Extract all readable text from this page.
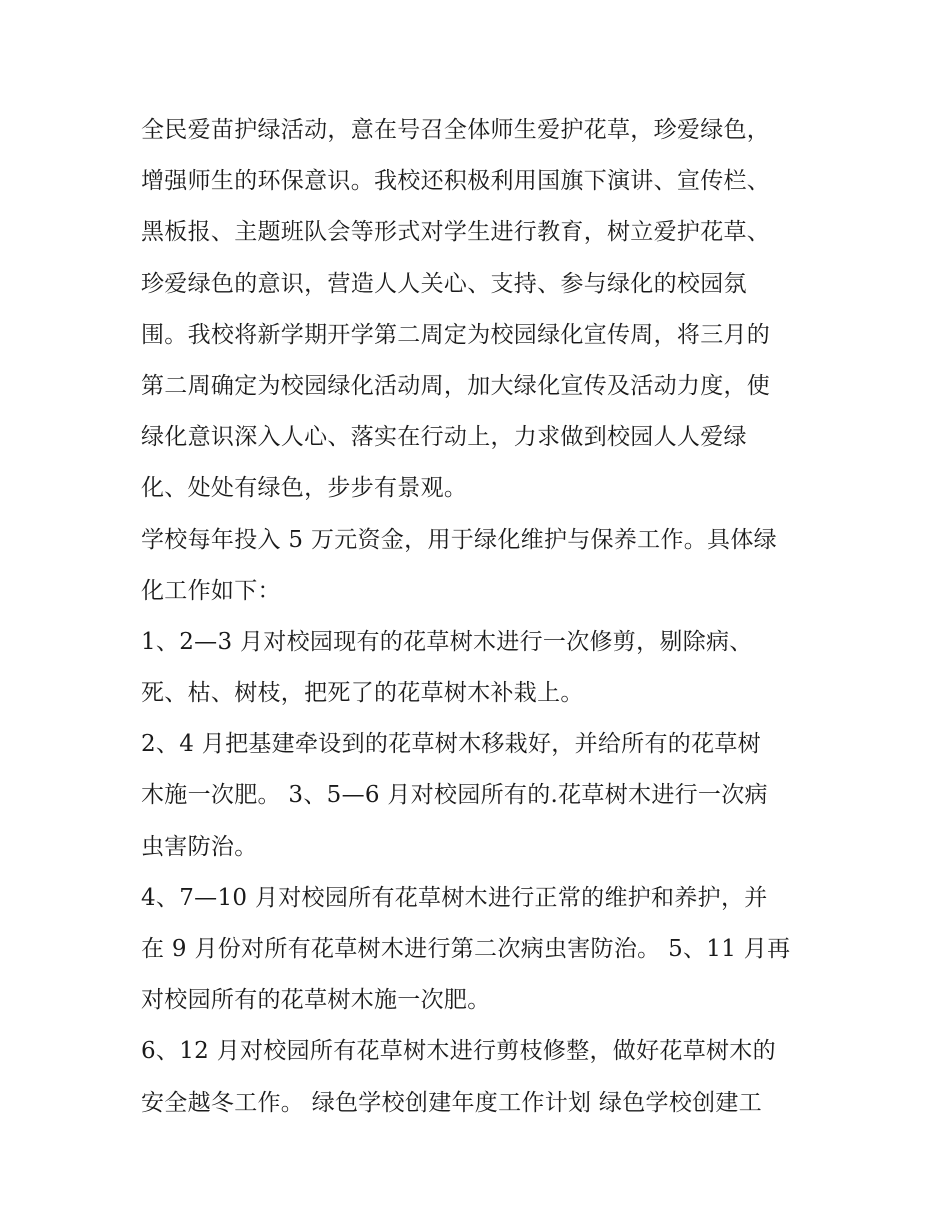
全民爱苗护绿活动，意在号召全体师生爱护花草，珍爱绿色，
增强师生的环保意识。我校还积极利用国旗下演讲、宣传栏、
黑板报、主题班队会等形式对学生进行教育，树立爱护花草、
珍爱绿色的意识，营造人人关心、支持、参与绿化的校园氛
围。我校将新学期开学第二周定为校园绿化宣传周，将三月的
第二周确定为校园绿化活动周，加大绿化宣传及活动力度，使
绿化意识深入人心、落实在行动上，力求做到校园人人爱绿
化、处处有绿色，步步有景观。
学校每年投入 5 万元资金，用于绿化维护与保养工作。具体绿
化工作如下：
1、2—3 月对校园现有的花草树木进行一次修剪，剔除病、
死、枯、树枝，把死了的花草树木补栽上。
2、4 月把基建牵设到的花草树木移栽好，并给所有的花草树
木施一次肥。 3、5—6 月对校园所有的.花草树木进行一次病
虫害防治。
4、7—10 月对校园所有花草树木进行正常的维护和养护，并
在 9 月份对所有花草树木进行第二次病虫害防治。 5、11 月再
对校园所有的花草树木施一次肥。
6、12 月对校园所有花草树木进行剪枝修整，做好花草树木的
安全越冬工作。 绿色学校创建年度工作计划 绿色学校创建工
